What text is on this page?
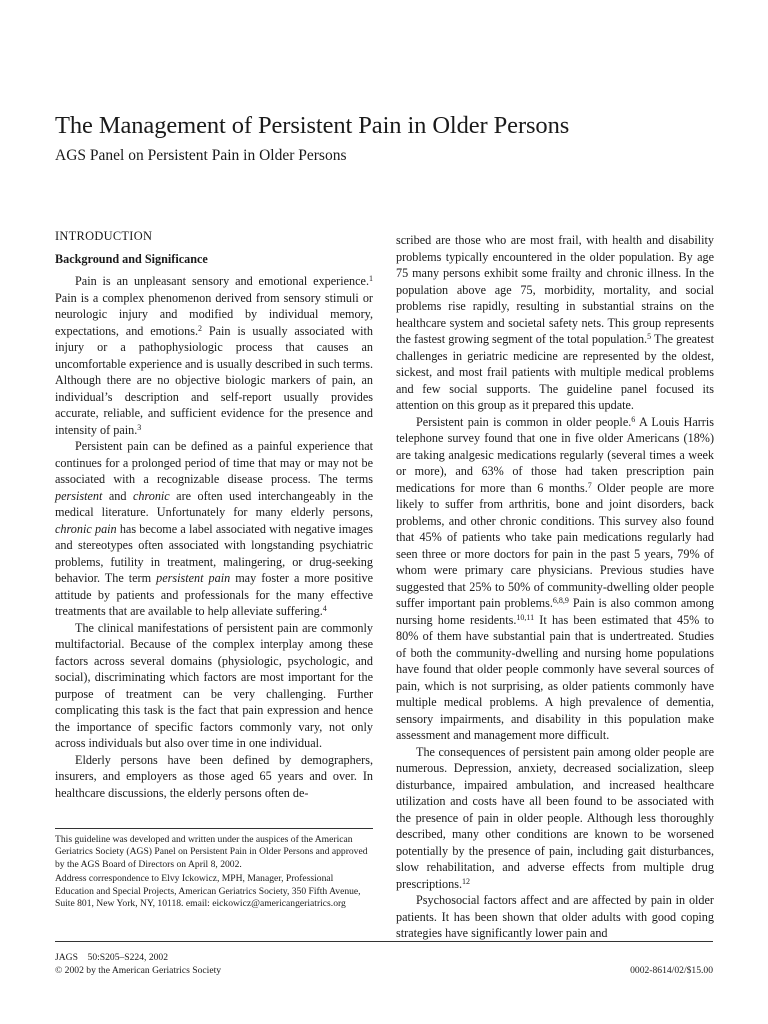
The Management of Persistent Pain in Older Persons
AGS Panel on Persistent Pain in Older Persons
INTRODUCTION
Background and Significance

Pain is an unpleasant sensory and emotional experience.$^1$ Pain is a complex phenomenon derived from sensory stimuli or neurologic injury and modified by individual memory, expectations, and emotions.$^2$ Pain is usually associated with injury or a pathophysiologic process that causes an uncomfortable experience and is usually described in such terms. Although there are no objective biologic markers of pain, an individual’s description and self-report usually provides accurate, reliable, and sufficient evidence for the presence and intensity of pain.$^3$

Persistent pain can be defined as a painful experience that continues for a prolonged period of time that may or may not be associated with a recognizable disease process. The terms persistent and chronic are often used interchangeably in the medical literature. Unfortunately for many elderly persons, chronic pain has become a label associated with negative images and stereotypes often associated with longstanding psychiatric problems, futility in treatment, malingering, or drug-seeking behavior. The term persistent pain may foster a more positive attitude by patients and professionals for the many effective treatments that are available to help alleviate suffering.$^4$

The clinical manifestations of persistent pain are commonly multifactorial. Because of the complex interplay among these factors across several domains (physiologic, psychologic, and social), discriminating which factors are most important for the purpose of treatment can be very challenging. Further complicating this task is the fact that pain expression and hence the importance of specific factors commonly vary, not only across individuals but also over time in one individual.

Elderly persons have been defined by demographers, insurers, and employers as those aged 65 years and over. In healthcare discussions, the elderly persons often de-

scribed are those who are most frail, with health and disability problems typically encountered in the older population. By age 75 many persons exhibit some frailty and chronic illness. In the population above age 75, morbidity, mortality, and social problems rise rapidly, resulting in substantial strains on the healthcare system and societal safety nets. This group represents the fastest growing segment of the total population.$^5$ The greatest challenges in geriatric medicine are represented by the oldest, sickest, and most frail patients with multiple medical problems and few social supports. The guideline panel focused its attention on this group as it prepared this update.

Persistent pain is common in older people.$^6$ A Louis Harris telephone survey found that one in five older Americans (18%) are taking analgesic medications regularly (several times a week or more), and 63% of those had taken prescription pain medications for more than 6 months.$^7$ Older people are more likely to suffer from arthritis, bone and joint disorders, back problems, and other chronic conditions. This survey also found that 45% of patients who take pain medications regularly had seen three or more doctors for pain in the past 5 years, 79% of whom were primary care physicians. Previous studies have suggested that 25% to 50% of community-dwelling older people suffer important pain problems.$^{6,8,9}$ Pain is also common among nursing home residents.$^{10,11}$ It has been estimated that 45% to 80% of them have substantial pain that is undertreated. Studies of both the community-dwelling and nursing home populations have found that older people commonly have several sources of pain, which is not surprising, as older patients commonly have multiple medical problems. A high prevalence of dementia, sensory impairments, and disability in this population make assessment and management more difficult.

The consequences of persistent pain among older people are numerous. Depression, anxiety, decreased socialization, sleep disturbance, impaired ambulation, and increased healthcare utilization and costs have all been found to be associated with the presence of pain in older people. Although less thoroughly described, many other conditions are known to be worsened potentially by the presence of pain, including gait disturbances, slow rehabilitation, and adverse effects from multiple drug prescriptions.$^{12}$

Psychosocial factors affect and are affected by pain in older patients. It has been shown that older adults with good coping strategies have significantly lower pain and

This guideline was developed and written under the auspices of the American Geriatrics Society (AGS) Panel on Persistent Pain in Older Persons and approved by the AGS Board of Directors on April 8, 2002.

Address correspondence to Elvy Ickowicz, MPH, Manager, Professional Education and Special Projects, American Geriatrics Society, 350 Fifth Avenue, Suite 801, New York, NY, 10118. email: eickowicz@americangeriatrics.org

JAGS    50:S205–S224, 2002
© 2002 by the American Geriatrics Society	0002-8614/02/$15.00
